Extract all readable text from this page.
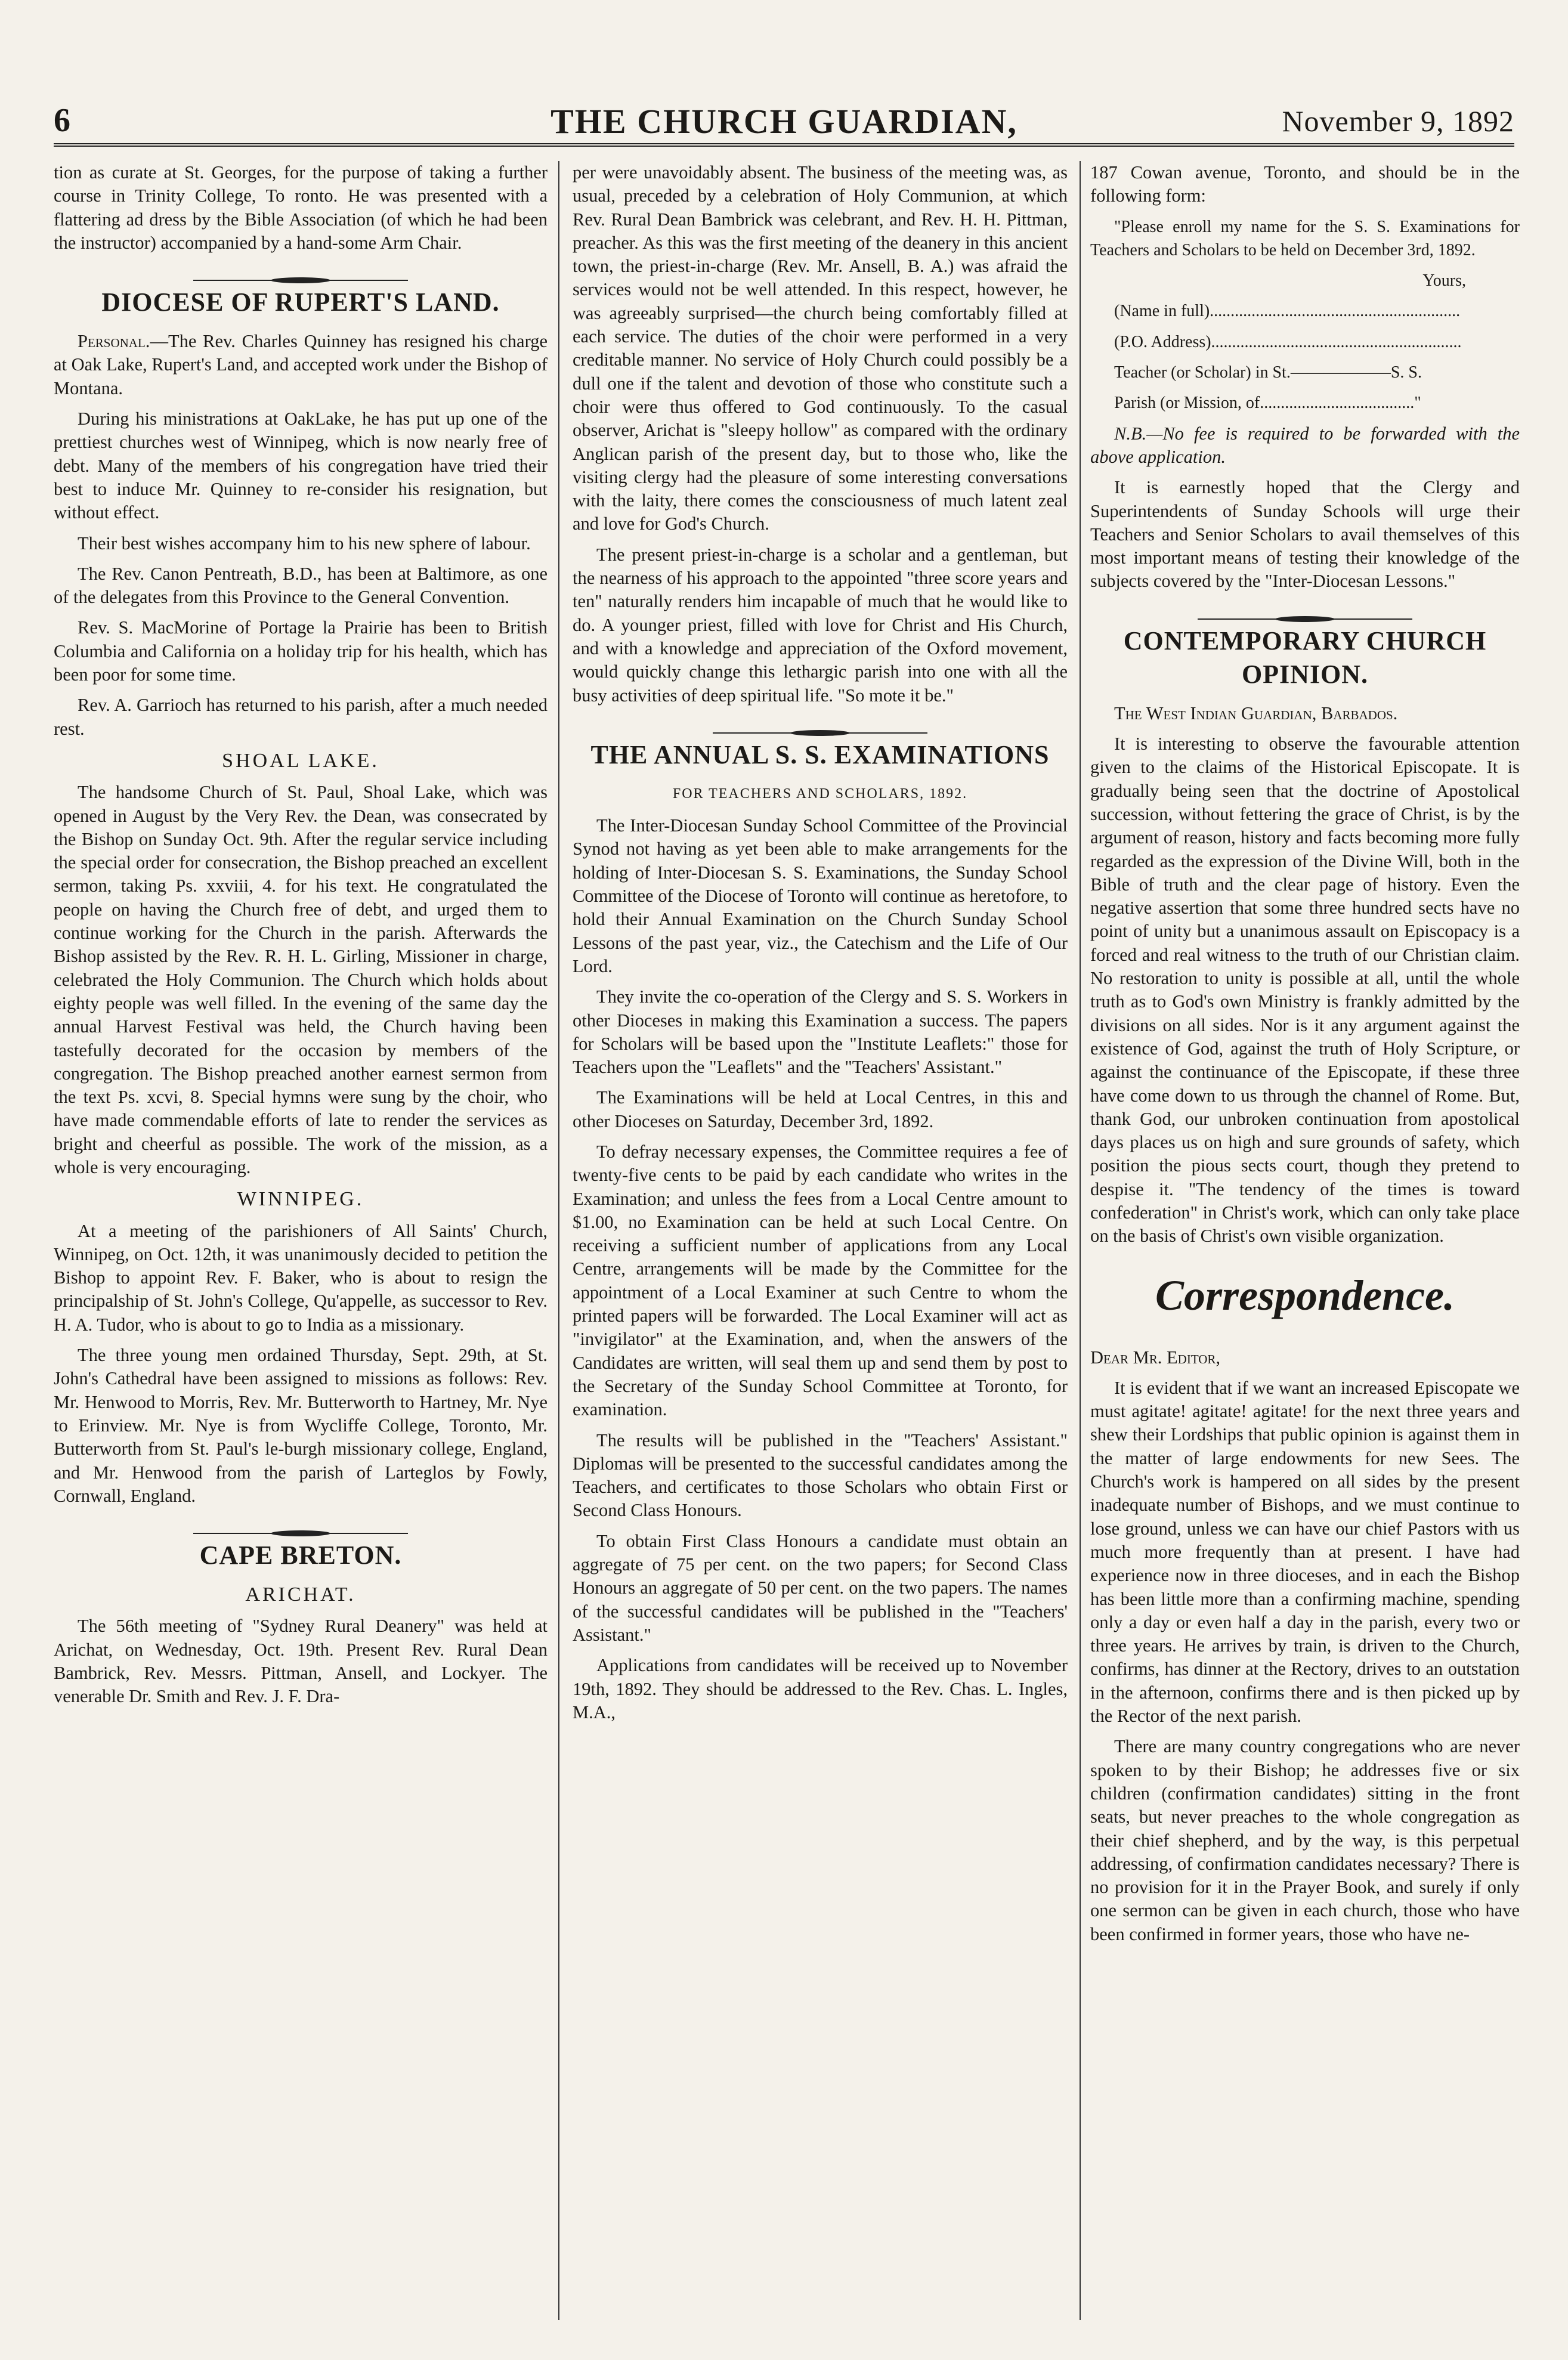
6	THE CHURCH GUARDIAN,	November 9, 1892

tion as curate at St. Georges, for the purpose of taking a further course in Trinity College, To ronto. He was presented with a flattering ad dress by the Bible Association (of which he had been the instructor) accompanied by a hand-some Arm Chair.

DIOCESE OF RUPERT'S LAND.

Personal.—The Rev. Charles Quinney has resigned his charge at Oak Lake, Rupert's Land, and accepted work under the Bishop of Montana.

During his ministrations at OakLake, he has put up one of the prettiest churches west of Winnipeg, which is now nearly free of debt. Many of the members of his congregation have tried their best to induce Mr. Quinney to re-consider his resignation, but without effect.

Their best wishes accompany him to his new sphere of labour.

The Rev. Canon Pentreath, B.D., has been at Baltimore, as one of the delegates from this Province to the General Convention.

Rev. S. MacMorine of Portage la Prairie has been to British Columbia and California on a holiday trip for his health, which has been poor for some time.

Rev. A. Garrioch has returned to his parish, after a much needed rest.

SHOAL LAKE.

The handsome Church of St. Paul, Shoal Lake, which was opened in August by the Very Rev. the Dean, was consecrated by the Bishop on Sunday Oct. 9th. After the regular service including the special order for consecration, the Bishop preached an excellent sermon, taking Ps. xxviii, 4. for his text. He congratulated the people on having the Church free of debt, and urged them to continue working for the Church in the parish. Afterwards the Bishop assisted by the Rev. R. H. L. Girling, Missioner in charge, celebrated the Holy Communion. The Church which holds about eighty people was well filled. In the evening of the same day the annual Harvest Festival was held, the Church having been tastefully decorated for the occasion by members of the congregation. The Bishop preached another earnest sermon from the text Ps. xcvi, 8. Special hymns were sung by the choir, who have made commendable efforts of late to render the services as bright and cheerful as possible. The work of the mission, as a whole is very encouraging.

WINNIPEG.

At a meeting of the parishioners of All Saints' Church, Winnipeg, on Oct. 12th, it was unanimously decided to petition the Bishop to appoint Rev. F. Baker, who is about to resign the principalship of St. John's College, Qu'appelle, as successor to Rev. H. A. Tudor, who is about to go to India as a missionary.

The three young men ordained Thursday, Sept. 29th, at St. John's Cathedral have been assigned to missions as follows: Rev. Mr. Henwood to Morris, Rev. Mr. Butterworth to Hartney, Mr. Nye to Erinview. Mr. Nye is from Wycliffe College, Toronto, Mr. Butterworth from St. Paul's le-burgh missionary college, England, and Mr. Henwood from the parish of Larteglos by Fowly, Cornwall, England.

CAPE BRETON.
ARICHAT.

The 56th meeting of "Sydney Rural Deanery" was held at Arichat, on Wednesday, Oct. 19th. Present Rev. Rural Dean Bambrick, Rev. Messrs. Pittman, Ansell, and Lockyer. The venerable Dr. Smith and Rev. J. F. Dra-

per were unavoidably absent. The business of the meeting was, as usual, preceded by a celebration of Holy Communion, at which Rev. Rural Dean Bambrick was celebrant, and Rev. H. H. Pittman, preacher. As this was the first meeting of the deanery in this ancient town, the priest-in-charge (Rev. Mr. Ansell, B. A.) was afraid the services would not be well attended. In this respect, however, he was agreeably surprised—the church being comfortably filled at each service. The duties of the choir were performed in a very creditable manner. No service of Holy Church could possibly be a dull one if the talent and devotion of those who constitute such a choir were thus offered to God continuously. To the casual observer, Arichat is "sleepy hollow" as compared with the ordinary Anglican parish of the present day, but to those who, like the visiting clergy had the pleasure of some interesting conversations with the laity, there comes the consciousness of much latent zeal and love for God's Church.

The present priest-in-charge is a scholar and a gentleman, but the nearness of his approach to the appointed "three score years and ten" naturally renders him incapable of much that he would like to do. A younger priest, filled with love for Christ and His Church, and with a knowledge and appreciation of the Oxford movement, would quickly change this lethargic parish into one with all the busy activities of deep spiritual life. "So mote it be."

THE ANNUAL S. S. EXAMINATIONS
FOR TEACHERS AND SCHOLARS, 1892.

The Inter-Diocesan Sunday School Committee of the Provincial Synod not having as yet been able to make arrangements for the holding of Inter-Diocesan S. S. Examinations, the Sunday School Committee of the Diocese of Toronto will continue as heretofore, to hold their Annual Examination on the Church Sunday School Lessons of the past year, viz., the Catechism and the Life of Our Lord.

They invite the co-operation of the Clergy and S. S. Workers in other Dioceses in making this Examination a success. The papers for Scholars will be based upon the "Institute Leaflets:" those for Teachers upon the "Leaflets" and the "Teachers' Assistant."

The Examinations will be held at Local Centres, in this and other Dioceses on Saturday, December 3rd, 1892.

To defray necessary expenses, the Committee requires a fee of twenty-five cents to be paid by each candidate who writes in the Examination; and unless the fees from a Local Centre amount to $1.00, no Examination can be held at such Local Centre. On receiving a sufficient number of applications from any Local Centre, arrangements will be made by the Committee for the appointment of a Local Examiner at such Centre to whom the printed papers will be forwarded. The Local Examiner will act as "invigilator" at the Examination, and, when the answers of the Candidates are written, will seal them up and send them by post to the Secretary of the Sunday School Committee at Toronto, for examination.

The results will be published in the "Teachers' Assistant." Diplomas will be presented to the successful candidates among the Teachers, and certificates to those Scholars who obtain First or Second Class Honours.

To obtain First Class Honours a candidate must obtain an aggregate of 75 per cent. on the two papers; for Second Class Honours an aggregate of 50 per cent. on the two papers. The names of the successful candidates will be published in the "Teachers' Assistant."

Applications from candidates will be received up to November 19th, 1892. They should be addressed to the Rev. Chas. L. Ingles, M.A.,

187 Cowan avenue, Toronto, and should be in the following form:

"Please enroll my name for the S. S. Examinations for Teachers and Scholars to be held on December 3rd, 1892.

Yours,

(Name in full)............................................................

(P.O. Address)............................................................

Teacher (or Scholar) in St.——————S. S.

Parish (or Mission, of....................................."

N.B.—No fee is required to be forwarded with the above application.

It is earnestly hoped that the Clergy and Superintendents of Sunday Schools will urge their Teachers and Senior Scholars to avail themselves of this most important means of testing their knowledge of the subjects covered by the "Inter-Diocesan Lessons."

CONTEMPORARY CHURCH OPINION.

The West Indian Guardian, Barbados.

It is interesting to observe the favourable attention given to the claims of the Historical Episcopate. It is gradually being seen that the doctrine of Apostolical succession, without fettering the grace of Christ, is by the argument of reason, history and facts becoming more fully regarded as the expression of the Divine Will, both in the Bible of truth and the clear page of history. Even the negative assertion that some three hundred sects have no point of unity but a unanimous assault on Episcopacy is a forced and real witness to the truth of our Christian claim. No restoration to unity is possible at all, until the whole truth as to God's own Ministry is frankly admitted by the divisions on all sides. Nor is it any argument against the existence of God, against the truth of Holy Scripture, or against the continuance of the Episcopate, if these three have come down to us through the channel of Rome. But, thank God, our unbroken continuation from apostolical days places us on high and sure grounds of safety, which position the pious sects court, though they pretend to despise it. "The tendency of the times is toward confederation" in Christ's work, which can only take place on the basis of Christ's own visible organization.

Correspondence.

Dear Mr. Editor,

It is evident that if we want an increased Episcopate we must agitate! agitate! agitate! for the next three years and shew their Lordships that public opinion is against them in the matter of large endowments for new Sees. The Church's work is hampered on all sides by the present inadequate number of Bishops, and we must continue to lose ground, unless we can have our chief Pastors with us much more frequently than at present. I have had experience now in three dioceses, and in each the Bishop has been little more than a confirming machine, spending only a day or even half a day in the parish, every two or three years. He arrives by train, is driven to the Church, confirms, has dinner at the Rectory, drives to an outstation in the afternoon, confirms there and is then picked up by the Rector of the next parish.

There are many country congregations who are never spoken to by their Bishop; he addresses five or six children (confirmation candidates) sitting in the front seats, but never preaches to the whole congregation as their chief shepherd, and by the way, is this perpetual addressing, of confirmation candidates necessary? There is no provision for it in the Prayer Book, and surely if only one sermon can be given in each church, those who have been confirmed in former years, those who have ne-
